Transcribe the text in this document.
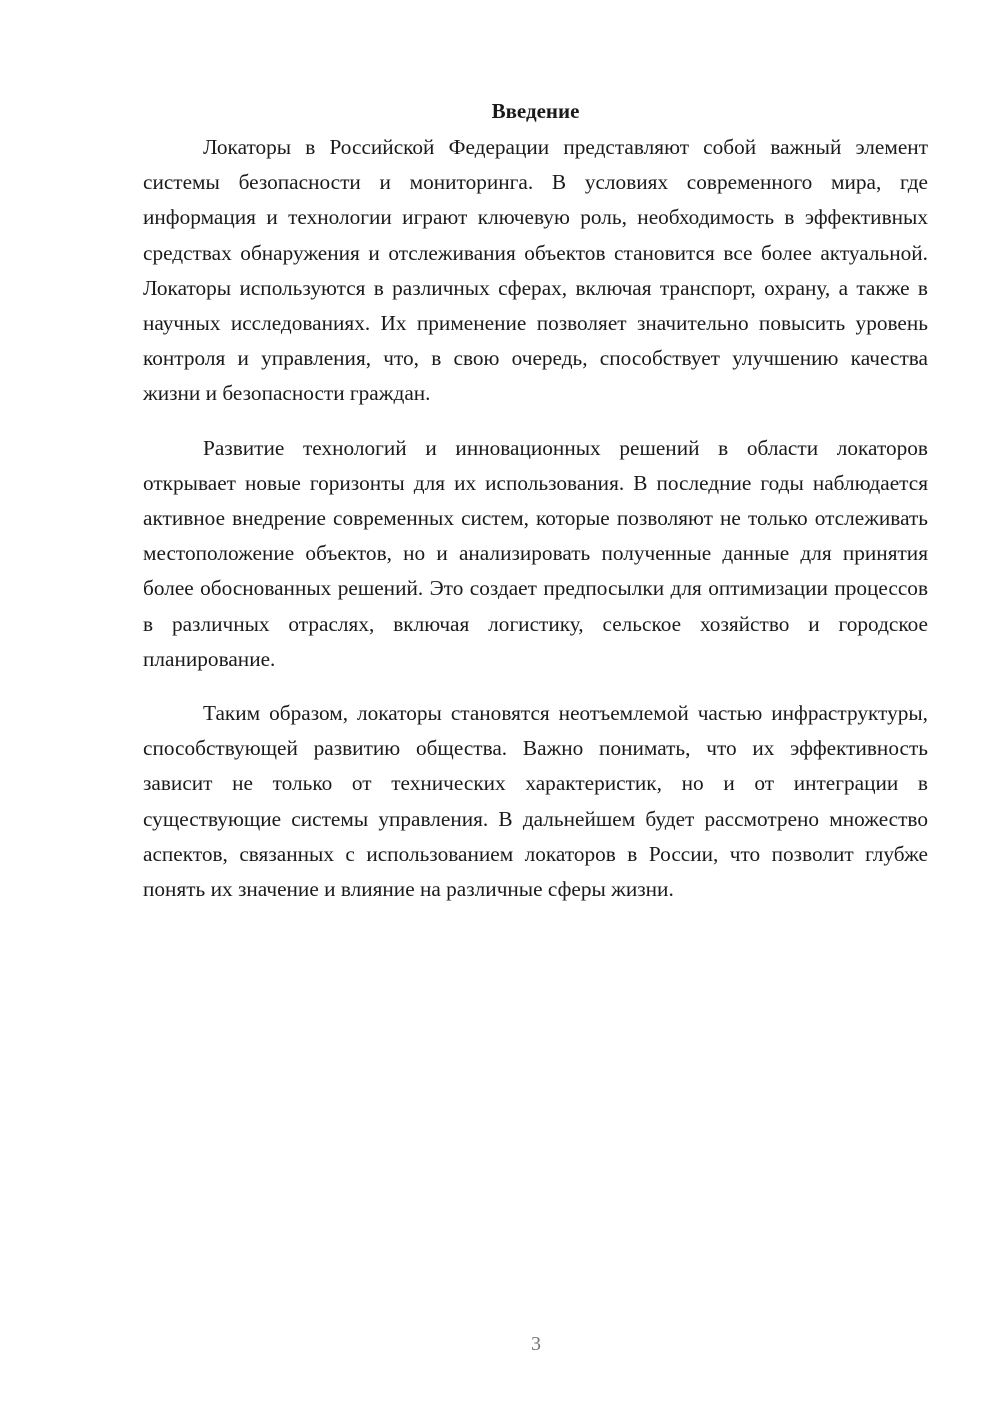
Введение

Локаторы в Российской Федерации представляют собой важный элемент системы безопасности и мониторинга. В условиях современного мира, где информация и технологии играют ключевую роль, необходимость в эффективных средствах обнаружения и отслеживания объектов становится все более актуальной. Локаторы используются в различных сферах, включая транспорт, охрану, а также в научных исследованиях. Их применение позволяет значительно повысить уровень контроля и управления, что, в свою очередь, способствует улучшению качества жизни и безопасности граждан.

Развитие технологий и инновационных решений в области локаторов открывает новые горизонты для их использования. В последние годы наблюдается активное внедрение современных систем, которые позволяют не только отслеживать местоположение объектов, но и анализировать полученные данные для принятия более обоснованных решений. Это создает предпосылки для оптимизации процессов в различных отраслях, включая логистику, сельское хозяйство и городское планирование.

Таким образом, локаторы становятся неотъемлемой частью инфраструктуры, способствующей развитию общества. Важно понимать, что их эффективность зависит не только от технических характеристик, но и от интеграции в существующие системы управления. В дальнейшем будет рассмотрено множество аспектов, связанных с использованием локаторов в России, что позволит глубже понять их значение и влияние на различные сферы жизни.

3
